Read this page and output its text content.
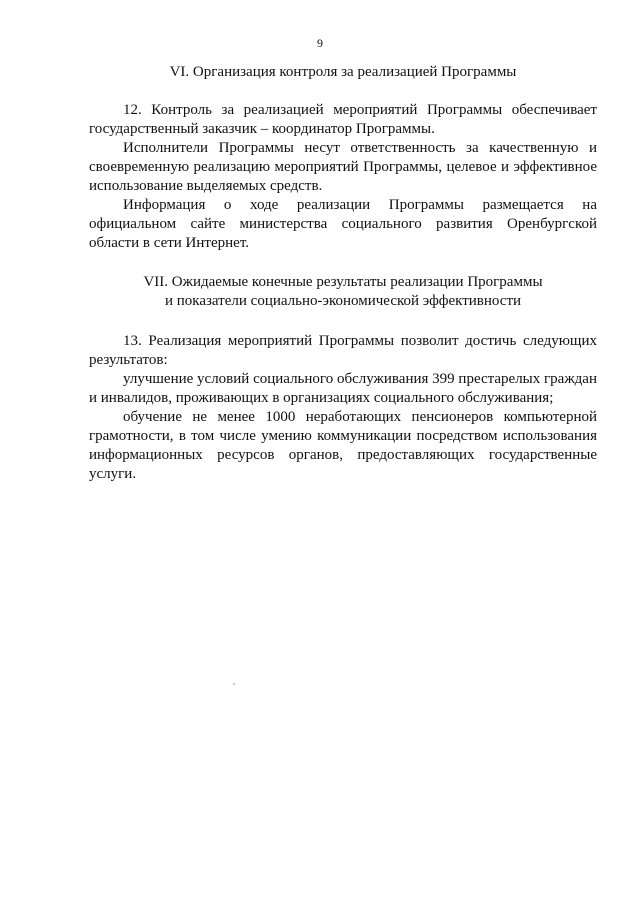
9
VI. Организация контроля за реализацией Программы

12. Контроль за реализацией мероприятий Программы обеспечивает государственный заказчик – координатор Программы.

Исполнители Программы несут ответственность за качественную и своевременную реализацию мероприятий Программы, целевое и эффективное использование выделяемых средств.

Информация о ходе реализации Программы размещается на официальном сайте министерства социального развития Оренбургской области в сети Интернет.

VII. Ожидаемые конечные результаты реализации Программы
и показатели социально-экономической эффективности

13. Реализация мероприятий Программы позволит достичь следующих результатов:

улучшение условий социального обслуживания 399 престарелых граждан и инвалидов, проживающих в организациях социального обслуживания;

обучение не менее 1000 неработающих пенсионеров компьютерной грамотности, в том числе умению коммуникации посредством использования информационных ресурсов органов, предоставляющих государственные услуги.
